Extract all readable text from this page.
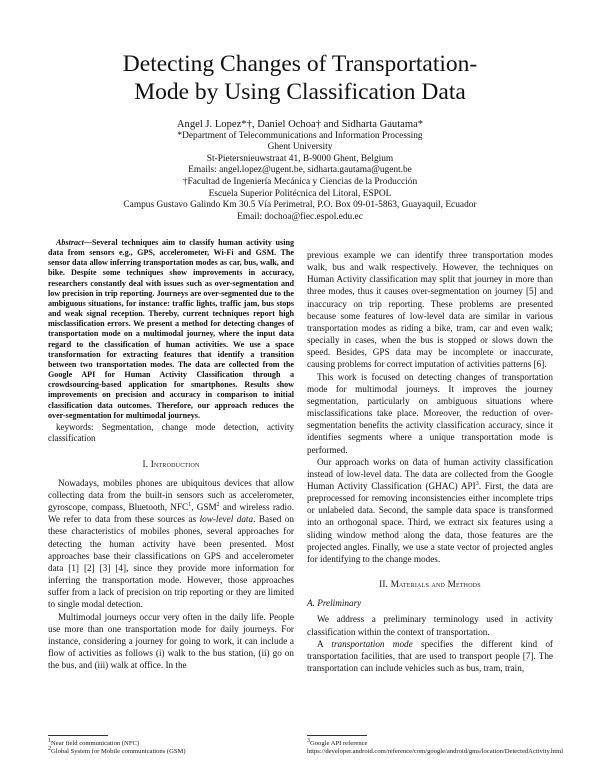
Detecting Changes of Transportation-Mode by Using Classification Data
Angel J. Lopez*†, Daniel Ochoa† and Sidharta Gautama*
*Department of Telecommunications and Information Processing
Ghent University
St-Pietersnieuwstraat 41, B-9000 Ghent, Belgium
Emails: angel.lopez@ugent.be, sidharta.gautama@ugent.be
†Facultad de Ingeniería Mecánica y Ciencias de la Producción
Escuela Superior Politécnica del Litoral, ESPOL
Campus Gustavo Galindo Km 30.5 Vía Perimetral, P.O. Box 09-01-5863, Guayaquil, Ecuador
Email: dochoa@fiec.espol.edu.ec

Abstract—Several techniques aim to classify human activity using data from sensors e.g., GPS, accelerometer, Wi-Fi and GSM. The sensor data allow inferring transportation modes as car, bus, walk, and bike. Despite some techniques show improvements in accuracy, researchers constantly deal with issues such as over-segmentation and low precision in trip reporting. Journeys are over-segmented due to the ambiguous situations, for instance: traffic lights, traffic jam, bus stops and weak signal reception. Thereby, current techniques report high misclassification errors. We present a method for detecting changes of transportation mode on a multimodal journey, where the input data regard to the classification of human activities. We use a space transformation for extracting features that identify a transition between two transportation modes. The data are collected from the Google API for Human Activity Classification through a crowdsourcing-based application for smartphones. Results show improvements on precision and accuracy in comparison to initial classification data outcomes. Therefore, our approach reduces the over-segmentation for multimodal journeys.

keywords: Segmentation, change mode detection, activity classification

I. Introduction

Nowadays, mobiles phones are ubiquitous devices that allow collecting data from the built-in sensors such as accelerometer, gyroscope, compass, Bluetooth, NFC$^1$, GSM$^2$ and wireless radio. We refer to data from these sources as low-level data. Based on these characteristics of mobiles phones, several approaches for detecting the human activity have been presented. Most approaches base their classifications on GPS and accelerometer data [1] [2] [3] [4], since they provide more information for inferring the transportation mode. However, those approaches suffer from a lack of precision on trip reporting or they are limited to single modal detection.

Multimodal journeys occur very often in the daily life. People use more than one transportation mode for daily journeys. For instance, considering a journey for going to work, it can include a flow of activities as follows (i) walk to the bus station, (ii) go on the bus, and (iii) walk at office. In the

previous example we can identify three transportation modes walk, bus and walk respectively. However, the techniques on Human Activity classification may split that journey in more than three modes, thus it causes over-segmentation on journey [5] and inaccuracy on trip reporting. These problems are presented because some features of low-level data are similar in various transportation modes as riding a bike, tram, car and even walk; specially in cases, when the bus is stopped or slows down the speed. Besides, GPS data may be incomplete or inaccurate, causing problems for correct imputation of activities patterns [6].

This work is focused on detecting changes of transportation mode for multimodal journeys. It improves the journey segmentation, particularly on ambiguous situations where misclassifications take place. Moreover, the reduction of over-segmentation benefits the activity classification accuracy, since it identifies segments where a unique transportation mode is performed.

Our approach works on data of human activity classification instead of low-level data. The data are collected from the Google Human Activity Classification (GHAC) API$^3$. First, the data are preprocessed for removing inconsistencies either incomplete trips or unlabeled data. Second, the sample data space is transformed into an orthogonal space. Third, we extract six features using a sliding window method along the data, those features are the projected angles. Finally, we use a state vector of projected angles for identifying to the change modes.

II. Materials and Methods
A. Preliminary

We address a preliminary terminology used in activity classification within the context of transportation.

A transportation mode specifies the different kind of transportation facilities, that are used to transport people [7]. The transportation can include vehicles such as bus, tram, train,

$^1$Near field communication (NFC)
$^2$Global System for Mobile communications (GSM)
$^3$Google API reference https://developer.android.com/reference/com/google/android/gms/location/DetectedActivity.html
